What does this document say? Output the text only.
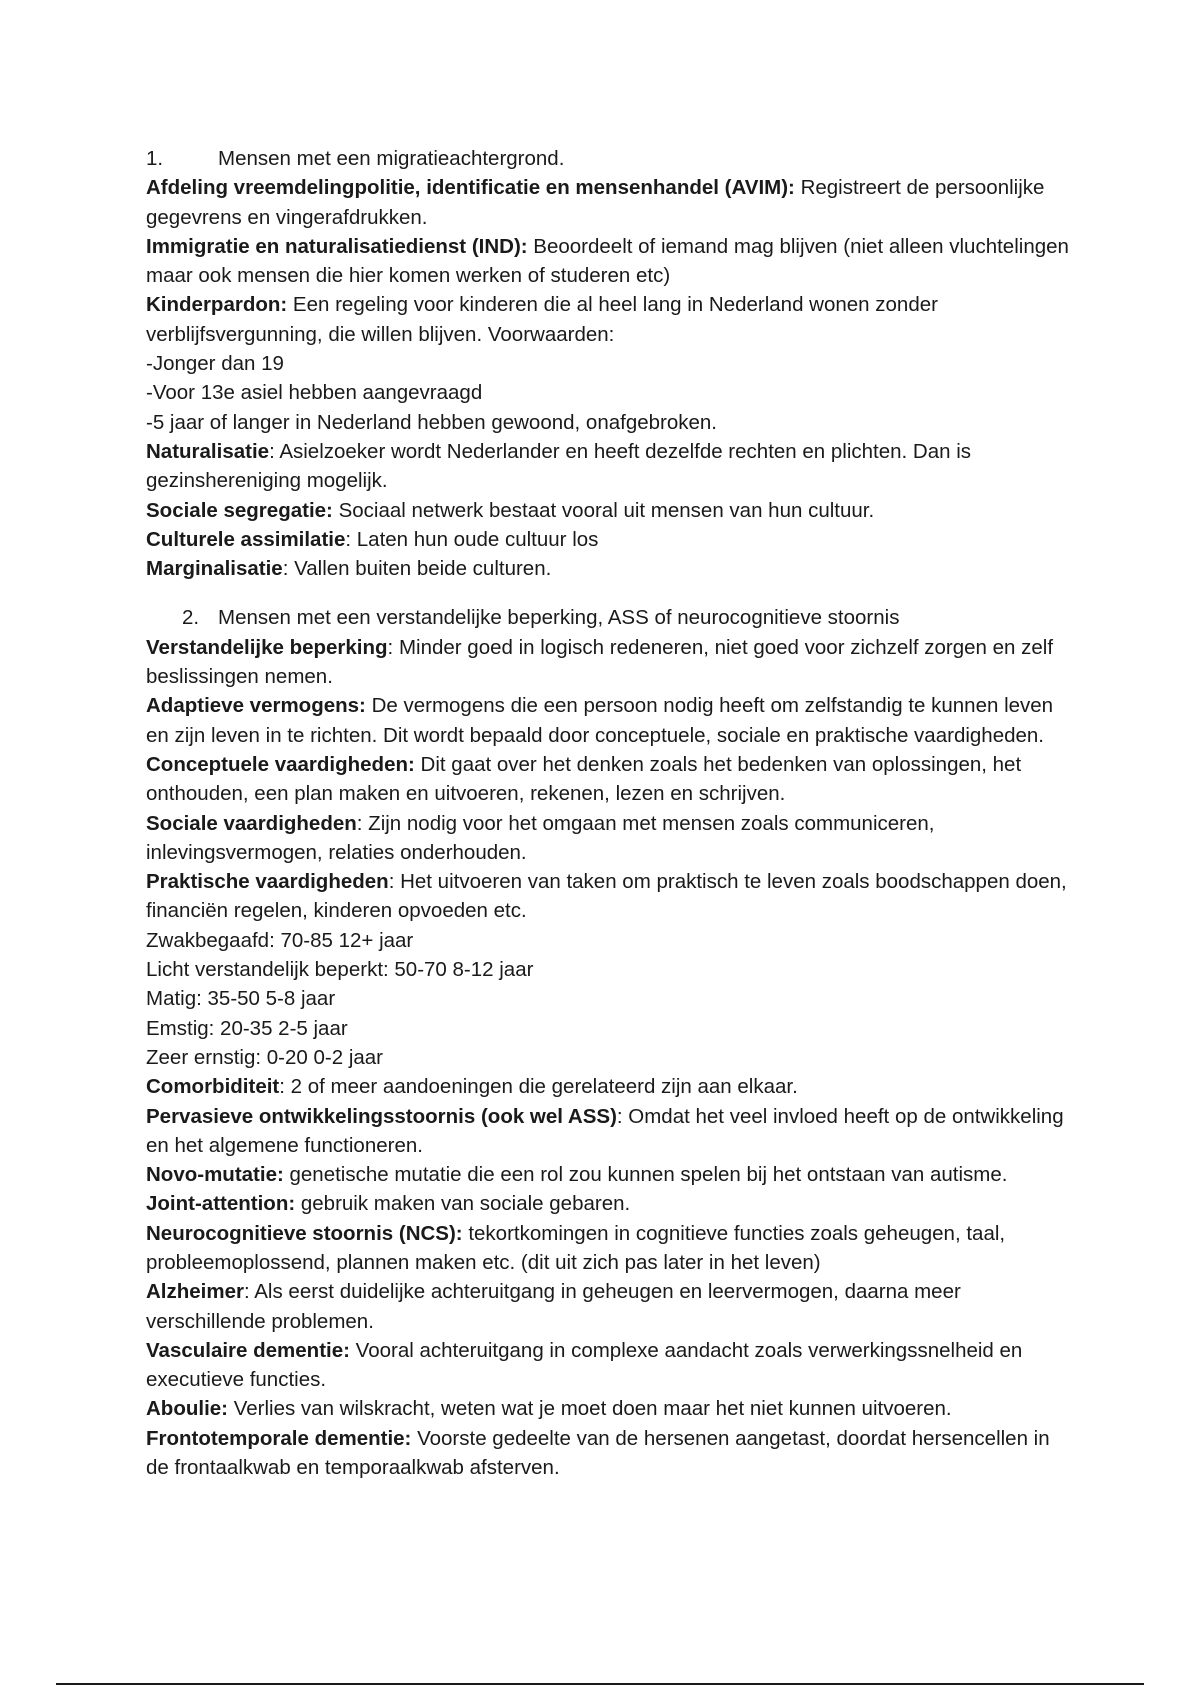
1.	Mensen met een migratieachtergrond.
Afdeling vreemdelingpolitie, identificatie en mensenhandel (AVIM): Registreert de persoonlijke gegevrens en vingerafdrukken.
Immigratie en naturalisatiedienst (IND): Beoordeelt of iemand mag blijven (niet alleen vluchtelingen maar ook mensen die hier komen werken of studeren etc)
Kinderpardon: Een regeling voor kinderen die al heel lang in Nederland wonen zonder verblijfsvergunning, die willen blijven. Voorwaarden:
-Jonger dan 19
-Voor 13e asiel hebben aangevraagd
-5 jaar of langer in Nederland hebben gewoond, onafgebroken.
Naturalisatie: Asielzoeker wordt Nederlander en heeft dezelfde rechten en plichten. Dan is gezinshereniging mogelijk.
Sociale segregatie: Sociaal netwerk bestaat vooral uit mensen van hun cultuur.
Culturele assimilatie: Laten hun oude cultuur los
Marginalisatie: Vallen buiten beide culturen.
2. Mensen met een verstandelijke beperking, ASS of neurocognitieve stoornis
Verstandelijke beperking: Minder goed in logisch redeneren, niet goed voor zichzelf zorgen en zelf beslissingen nemen.
Adaptieve vermogens: De vermogens die een persoon nodig heeft om zelfstandig te kunnen leven en zijn leven in te richten. Dit wordt bepaald door conceptuele, sociale en praktische vaardigheden.
Conceptuele vaardigheden: Dit gaat over het denken zoals het bedenken van oplossingen, het onthouden, een plan maken en uitvoeren, rekenen, lezen en schrijven.
Sociale vaardigheden: Zijn nodig voor het omgaan met mensen zoals communiceren, inlevingsvermogen, relaties onderhouden.
Praktische vaardigheden: Het uitvoeren van taken om praktisch te leven zoals boodschappen doen, financiën regelen, kinderen opvoeden etc.
Zwakbegaafd: 70-85 12+ jaar
Licht verstandelijk beperkt: 50-70 8-12 jaar
Matig: 35-50 5-8 jaar
Emstig: 20-35 2-5 jaar
Zeer ernstig: 0-20 0-2 jaar
Comorbiditeit: 2 of meer aandoeningen die gerelateerd zijn aan elkaar.
Pervasieve ontwikkelingsstoornis (ook wel ASS): Omdat het veel invloed heeft op de ontwikkeling en het algemene functioneren.
Novo-mutatie: genetische mutatie die een rol zou kunnen spelen bij het ontstaan van autisme.
Joint-attention: gebruik maken van sociale gebaren.
Neurocognitieve stoornis (NCS): tekortkomingen in cognitieve functies zoals geheugen, taal, probleemoplossend, plannen maken etc. (dit uit zich pas later in het leven)
Alzheimer: Als eerst duidelijke achteruitgang in geheugen en leervermogen, daarna meer verschillende problemen.
Vasculaire dementie: Vooral achteruitgang in complexe aandacht zoals verwerkingssnelheid en executieve functies.
Aboulie: Verlies van wilskracht, weten wat je moet doen maar het niet kunnen uitvoeren.
Frontotemporale dementie: Voorste gedeelte van de hersenen aangetast, doordat hersencellen in de frontaalkwab en temporaalkwab afsterven.
